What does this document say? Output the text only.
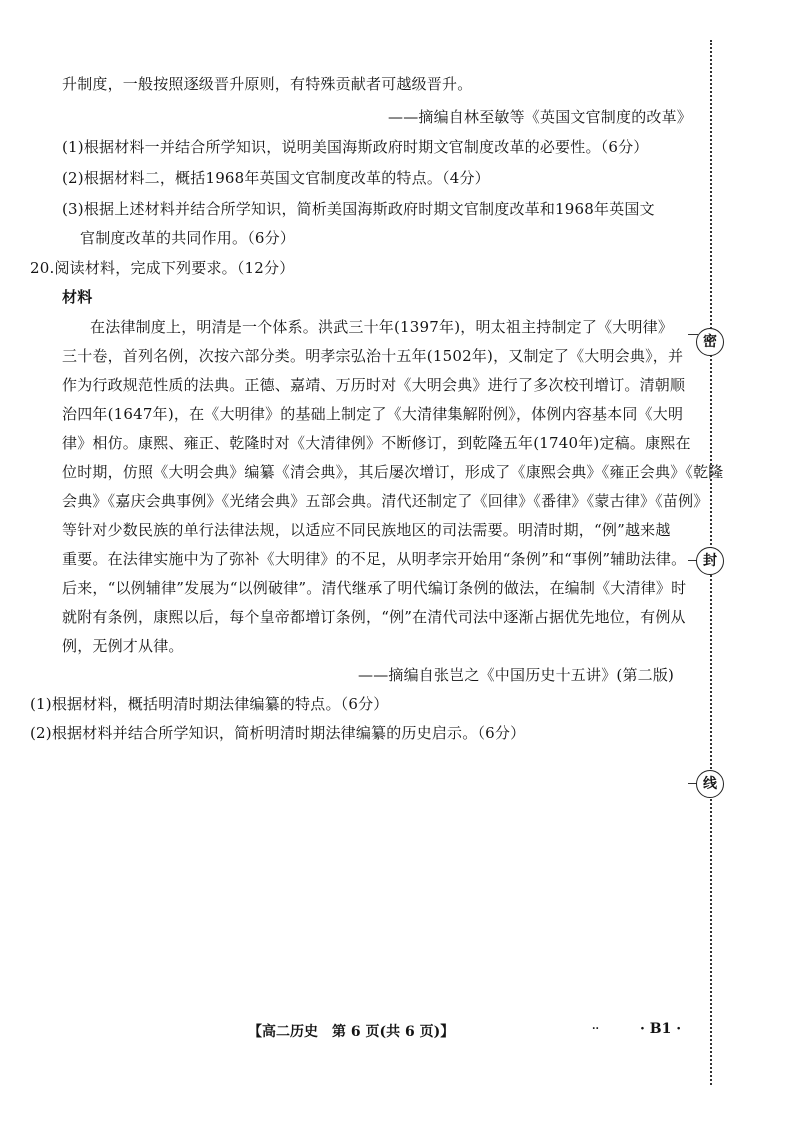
升制度，一般按照逐级晋升原则，有特殊贡献者可越级晋升。
——摘编自林至敏等《英国文官制度的改革》
(1)根据材料一并结合所学知识，说明美国海斯政府时期文官制度改革的必要性。（6分）
(2)根据材料二，概括1968年英国文官制度改革的特点。（4分）
(3)根据上述材料并结合所学知识，简析美国海斯政府时期文官制度改革和1968年英国文
官制度改革的共同作用。（6分）
20.阅读材料，完成下列要求。（12分）
材料
在法律制度上，明清是一个体系。洪武三十年(1397年)，明太祖主持制定了《大明律》
三十卷，首列名例，次按六部分类。明孝宗弘治十五年(1502年)，又制定了《大明会典》，并
作为行政规范性质的法典。正德、嘉靖、万历时对《大明会典》进行了多次校刊增订。清朝顺
治四年(1647年)，在《大明律》的基础上制定了《大清律集解附例》，体例内容基本同《大明
律》相仿。康熙、雍正、乾隆时对《大清律例》不断修订，到乾隆五年(1740年)定稿。康熙在
位时期，仿照《大明会典》编纂《清会典》，其后屡次增订，形成了《康熙会典》《雍正会典》《乾隆
会典》《嘉庆会典事例》《光绪会典》五部会典。清代还制定了《回律》《番律》《蒙古律》《苗例》
等针对少数民族的单行法律法规，以适应不同民族地区的司法需要。明清时期，“例”越来越
重要。在法律实施中为了弥补《大明律》的不足，从明孝宗开始用“条例”和“事例”辅助法律。
后来，“以例辅律”发展为“以例破律”。清代继承了明代编订条例的做法，在编制《大清律》时
就附有条例，康熙以后，每个皇帝都增订条例，“例”在清代司法中逐渐占据优先地位，有例从
例，无例才从律。
——摘编自张岂之《中国历史十五讲》(第二版)
(1)根据材料，概括明清时期法律编纂的特点。（6分）
(2)根据材料并结合所学知识，简析明清时期法律编纂的历史启示。（6分）
密
封
线
【高二历史　第 6 页(共 6 页)】	..	· B1 ·
